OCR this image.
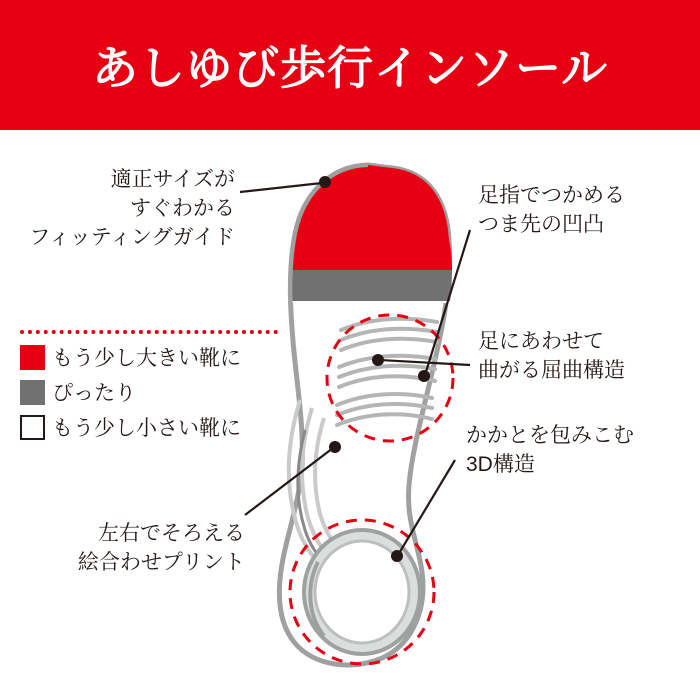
あしゆび歩行インソール
適正サイズが
すぐわかる
フィッティングガイド
足指でつかめる
つま先の凹凸
足にあわせて
曲がる屈曲構造
かかとを包みこむ
3D構造
左右でそろえる
絵合わせプリント
もう少し大きい靴に
ぴったり
もう少し小さい靴に
